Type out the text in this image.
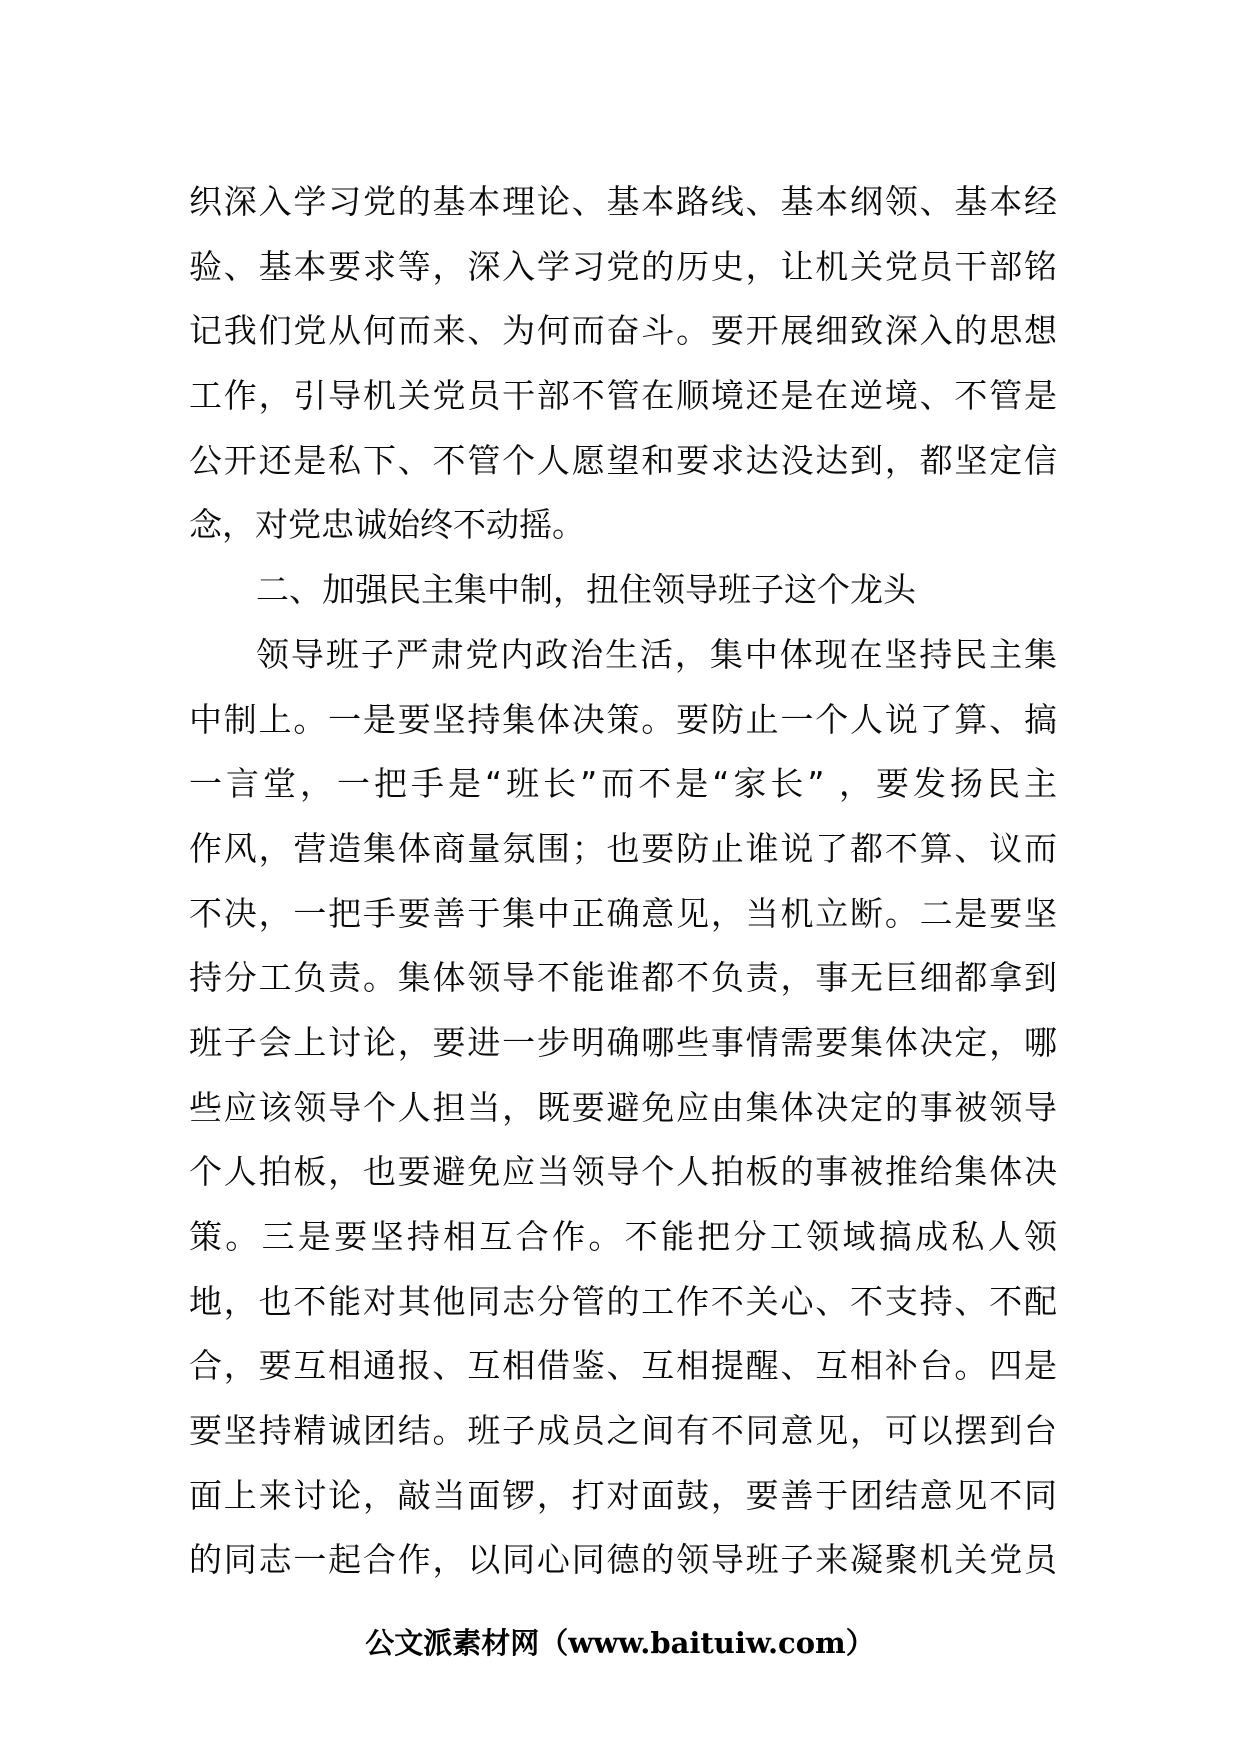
织深入学习党的基本理论、基本路线、基本纲领、基本经
验、基本要求等，深入学习党的历史，让机关党员干部铭
记我们党从何而来、为何而奋斗。要开展细致深入的思想
工作，引导机关党员干部不管在顺境还是在逆境、不管是
公开还是私下、不管个人愿望和要求达没达到，都坚定信
念，对党忠诚始终不动摇。
二、加强民主集中制，扭住领导班子这个龙头
领导班子严肃党内政治生活，集中体现在坚持民主集
中制上。一是要坚持集体决策。要防止一个人说了算、搞
一言堂，一把手是“班长”而不是“家长” ，要发扬民主
作风，营造集体商量氛围；也要防止谁说了都不算、议而
不决，一把手要善于集中正确意见，当机立断。二是要坚
持分工负责。集体领导不能谁都不负责，事无巨细都拿到
班子会上讨论，要进一步明确哪些事情需要集体决定，哪
些应该领导个人担当，既要避免应由集体决定的事被领导
个人拍板，也要避免应当领导个人拍板的事被推给集体决
策。三是要坚持相互合作。不能把分工领域搞成私人领
地，也不能对其他同志分管的工作不关心、不支持、不配
合，要互相通报、互相借鉴、互相提醒、互相补台。四是
要坚持精诚团结。班子成员之间有不同意见，可以摆到台
面上来讨论，敲当面锣，打对面鼓，要善于团结意见不同
的同志一起合作，以同心同德的领导班子来凝聚机关党员
公文派素材网（www.baituiw.com）
